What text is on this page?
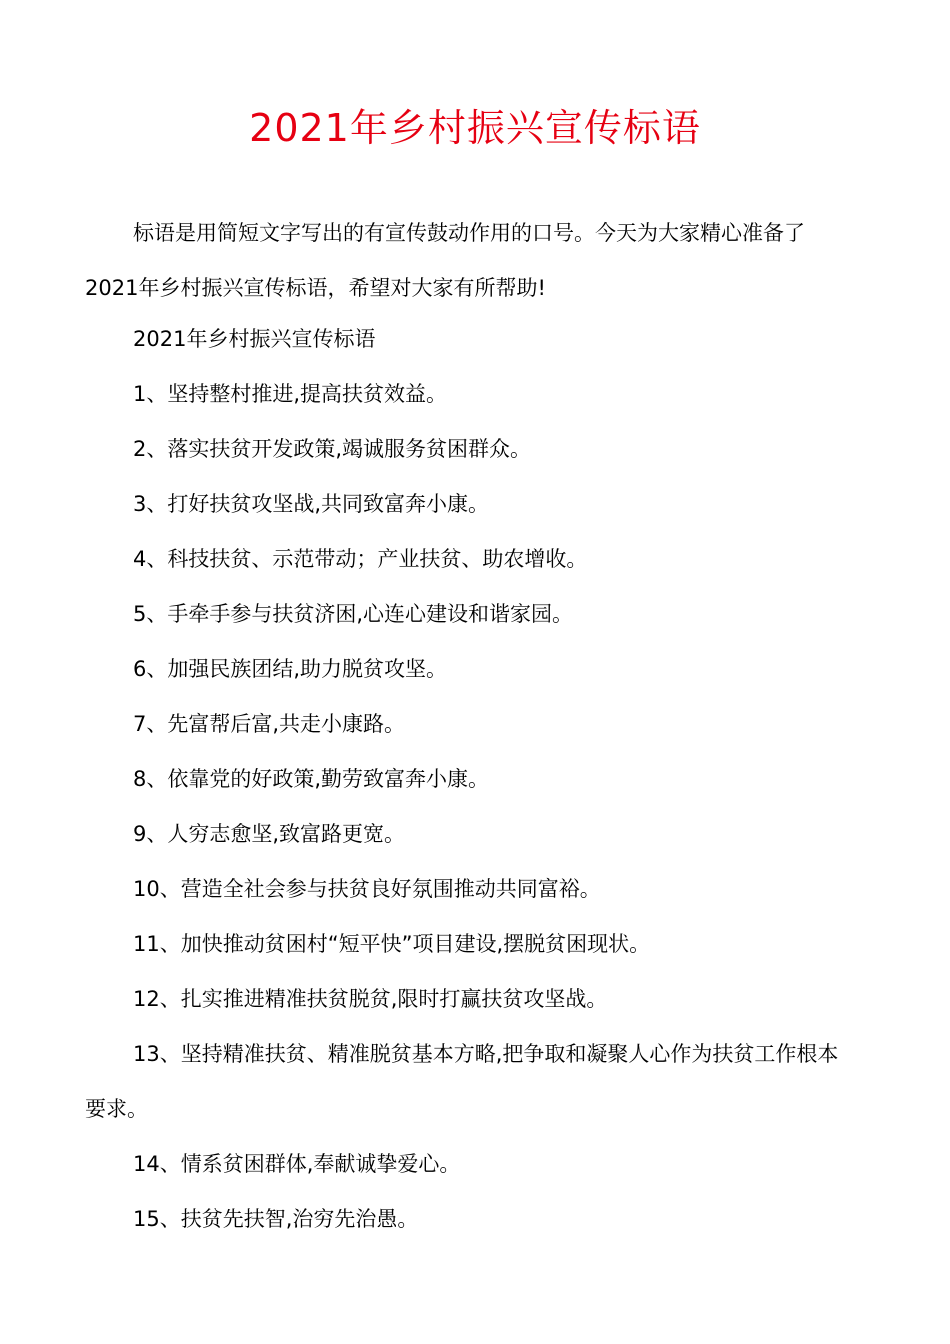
2021年乡村振兴宣传标语

标语是用简短文字写出的有宣传鼓动作用的口号。今天为大家精心准备了2021年乡村振兴宣传标语，希望对大家有所帮助!

2021年乡村振兴宣传标语

1、坚持整村推进,提高扶贫效益。

2、落实扶贫开发政策,竭诚服务贫困群众。

3、打好扶贫攻坚战,共同致富奔小康。

4、科技扶贫、示范带动；产业扶贫、助农增收。

5、手牵手参与扶贫济困,心连心建设和谐家园。

6、加强民族团结,助力脱贫攻坚。

7、先富帮后富,共走小康路。

8、依靠党的好政策,勤劳致富奔小康。

9、人穷志愈坚,致富路更宽。

10、营造全社会参与扶贫良好氛围推动共同富裕。

11、加快推动贫困村“短平快”项目建设,摆脱贫困现状。

12、扎实推进精准扶贫脱贫,限时打赢扶贫攻坚战。

13、坚持精准扶贫、精准脱贫基本方略,把争取和凝聚人心作为扶贫工作根本要求。

14、情系贫困群体,奉献诚挚爱心。

15、扶贫先扶智,治穷先治愚。
